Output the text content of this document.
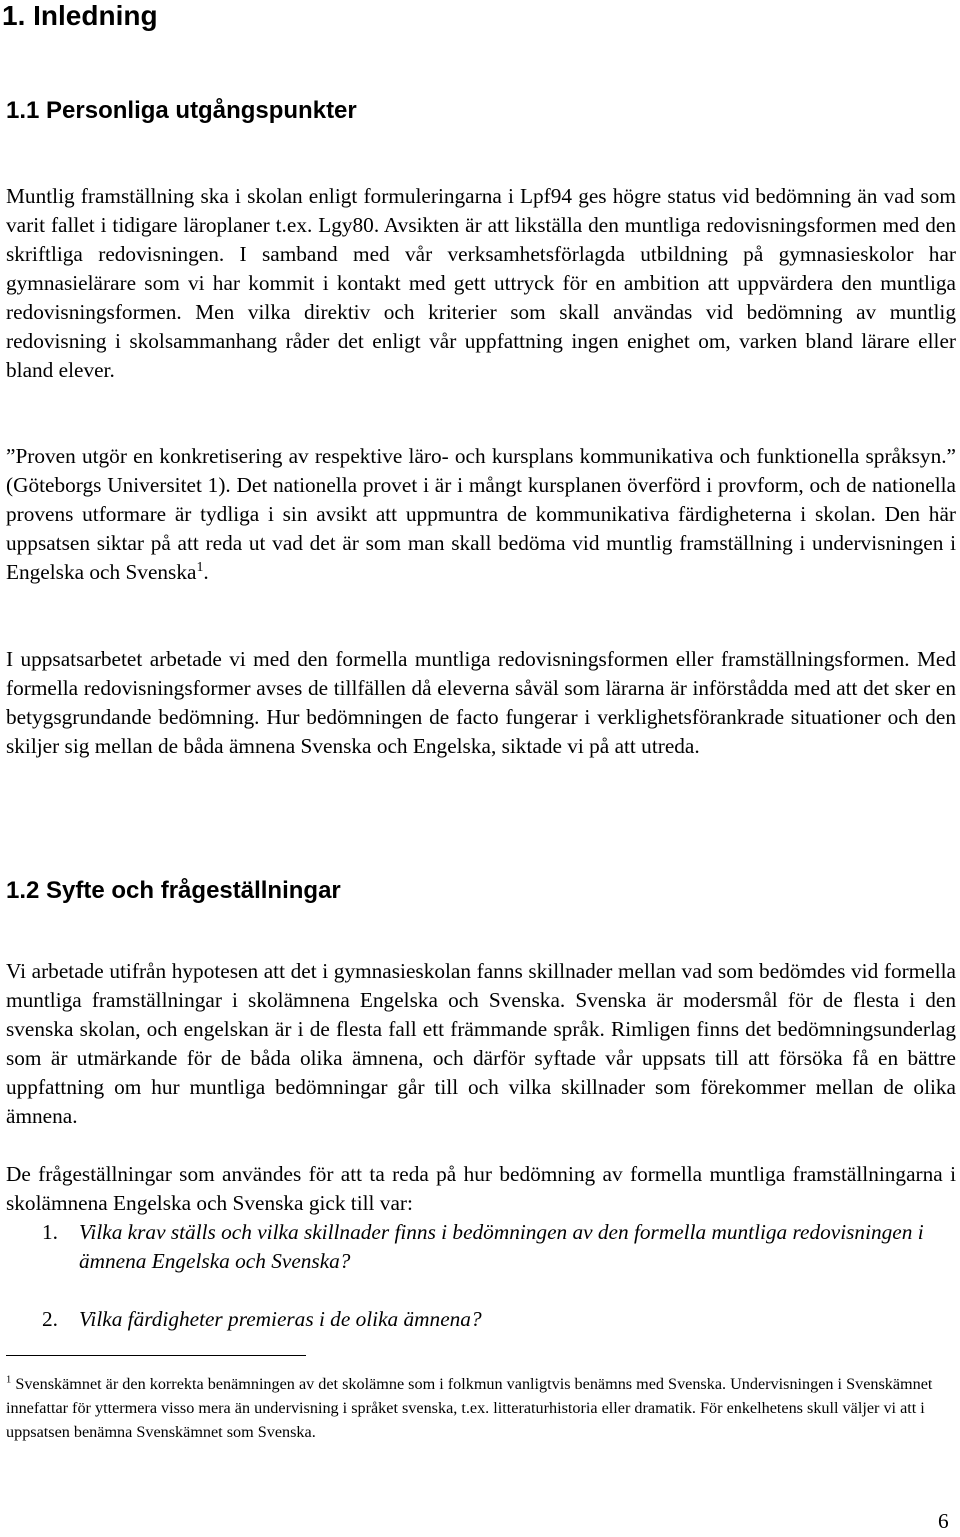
1. Inledning
1.1 Personliga utgångspunkter

Muntlig framställning ska i skolan enligt formuleringarna i Lpf94 ges högre status vid bedömning än vad som varit fallet i tidigare läroplaner t.ex. Lgy80. Avsikten är att likställa den muntliga redovisningsformen med den skriftliga redovisningen. I samband med vår verksamhetsförlagda utbildning på gymnasieskolor har gymnasielärare som vi har kommit i kontakt med gett uttryck för en ambition att uppvärdera den muntliga redovisningsformen. Men vilka direktiv och kriterier som skall användas vid bedömning av muntlig redovisning i skolsammanhang råder det enligt vår uppfattning ingen enighet om, varken bland lärare eller bland elever.

”Proven utgör en konkretisering av respektive läro- och kursplans kommunikativa och funktionella språksyn.” (Göteborgs Universitet 1). Det nationella provet i är i mångt kursplanen överförd i provform, och de nationella provens utformare är tydliga i sin avsikt att uppmuntra de kommunikativa färdigheterna i skolan. Den här uppsatsen siktar på att reda ut vad det är som man skall bedöma vid muntlig framställning i undervisningen i Engelska och Svenska$^1$.

I uppsatsarbetet arbetade vi med den formella muntliga redovisningsformen eller framställningsformen. Med formella redovisningsformer avses de tillfällen då eleverna såväl som lärarna är införstådda med att det sker en betygsgrundande bedömning. Hur bedömningen de facto fungerar i verklighetsförankrade situationer och den skiljer sig mellan de båda ämnena Svenska och Engelska, siktade vi på att utreda.

1.2 Syfte och frågeställningar

Vi arbetade utifrån hypotesen att det i gymnasieskolan fanns skillnader mellan vad som bedömdes vid formella muntliga framställningar i skolämnena Engelska och Svenska. Svenska är modersmål för de flesta i den svenska skolan, och engelskan är i de flesta fall ett främmande språk. Rimligen finns det bedömningsunderlag som är utmärkande för de båda olika ämnena, och därför syftade vår uppsats till att försöka få en bättre uppfattning om hur muntliga bedömningar går till och vilka skillnader som förekommer mellan de olika ämnena.

De frågeställningar som användes för att ta reda på hur bedömning av formella muntliga framställningarna i skolämnena Engelska och Svenska gick till var:

1. Vilka krav ställs och vilka skillnader finns i bedömningen av den formella muntliga redovisningen i ämnena Engelska och Svenska?
2. Vilka färdigheter premieras i de olika ämnena?

$^1$ Svenskämnet är den korrekta benämningen av det skolämne som i folkmun vanligtvis benämns med Svenska. Undervisningen i Svenskämnet innefattar för yttermera visso mera än undervisning i språket svenska, t.ex. litteraturhistoria eller dramatik. För enkelhetens skull väljer vi att i uppsatsen benämna Svenskämnet som Svenska.

6
